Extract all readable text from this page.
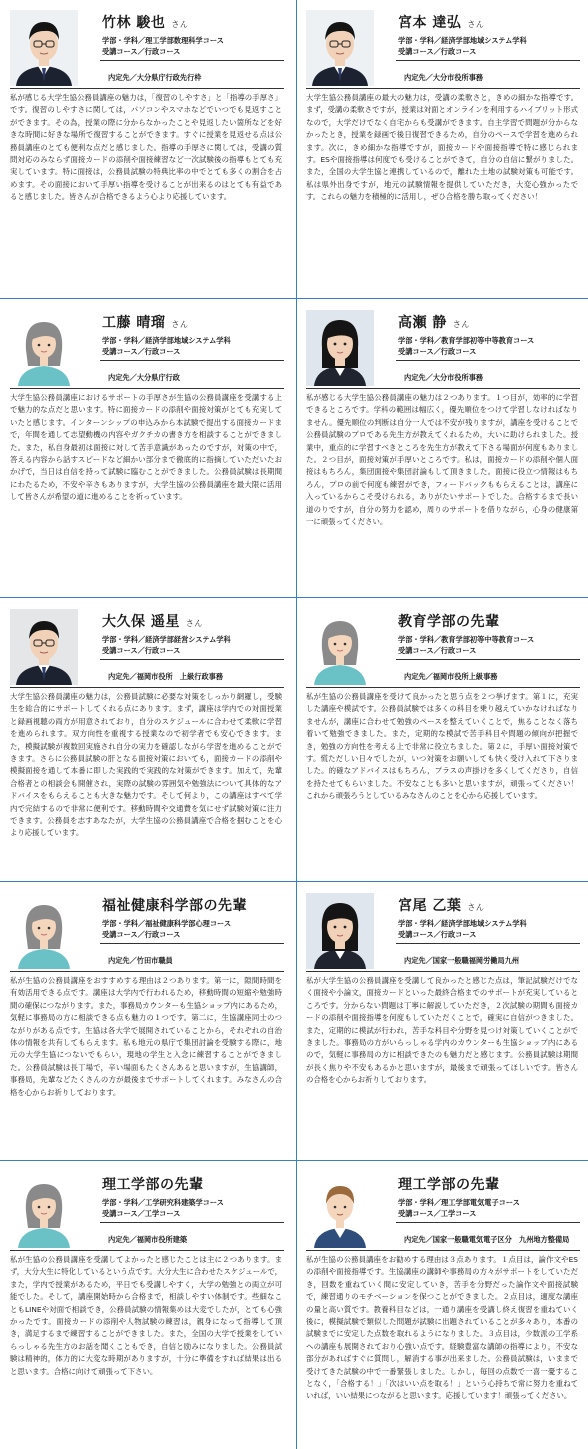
竹林 駿也 さん
学部・学科／理工学部数理科学コース
受講コース／行政コース
内定先／大分県庁行政先行枠
私が感じる大学生協公務員講座の魅力は，「復習のしやすさ」と「指導の手厚さ」です。復習のしやすさに関しては，パソコンやスマホなどでいつでも見返すことができます。その為，授業の際に分からなかったことや見返したい箇所などを好きな時間に好きな場所で復習することができます。すぐに授業を見返せる点は公務員講座のとても便利な点だと感じました。指導の手厚さに関しては，受講の質問対応のみならず面接カードの添削や面接練習など一次試験後の指導もとても充実しています。特に面接は，公務員試験の特典比率の中でとても多くの割合を占めます。その面接において手厚い指導を受けることが出来るのはとても有益であると感じました。皆さんが合格できるよう心より応援しています。
宮本 達弘 さん
学部・学科／経済学部地域システム学科
受講コース／行政コース
内定先／大分市役所事務
大学生協公務員講座の最大の魅力は，受講の柔軟さと，きめの細かな指導です。まず，受講の柔軟さですが，授業は対面とオンラインを利用するハイブリット形式なので，大学だけでなく自宅からも受講ができます。自主学習で問題が分からなかったとき，授業を録画で後日復習できるため，自分のペースで学習を進められます。次に，きめ細かな指導ですが，面接カードや面接指導で特に感じられます。ESや面接指導は何度でも受けることができて，自分の自信に繋がりました。また，全国の大学生協と連携しているので，離れた土地の試験対策も可能です。私は県外出身ですが，地元の試験情報を提供していただき，大変心強かったです。これらの魅力を積極的に活用し，ぜひ合格を勝ち取ってください！
工藤 晴瑠 さん
学部・学科／経済学部地域システム学科
受講コース／行政コース
内定先／大分県庁行政
大学生協公務員講座におけるサポートの手厚さが生協の公務員講座を受講する上で魅力的な点だと思います。特に面接カードの添削や面接対策がとても充実していたと感じます。インターンシップの申込みから本試験で提出する面接カードまで，年間を通して志望動機の内容やガクチカの書き方を相談することができました。また，私自身最初は面接に対して苦手意識があったのですが，対策の中で，答える内容から話すスピードなど細かい部分まで徹底的に指摘していただいたおかげで，当日は自信を持って試験に臨むことができました。公務員試験は長期間にわたるため，不安や辛さもありますが，大学生協の公務員講座を最大限に活用して皆さんが希望の道に進めることを祈っています。
高瀬 静 さん
学部・学科／教育学部初等中等教育コース
受講コース／行政コース
内定先／大分市役所事務
私が感じる大学生協公務員講座の魅力は２つあります。１つ目が，効率的に学習できるところです。学科の範囲は幅広く，優先順位をつけて学習しなければなりません。優先順位の判断は自分一人では不安が残りますが，講座を受けることで公務員試験のプロである先生方が教えてくれるため，大いに助けられました。授業中，重点的に学習すべきところを先生方が教えて下さる場面が何度もありました。２つ目が，面接対策が手厚いところです。私は，面接カードの添削や個人面接はもちろん，集団面接や集団討論もして頂きました。面接に役立つ情報はもちろん，プロの前で何度も練習ができ，フィードバックももらえることは，講座に入っているからこそ受けられる，ありがたいサポートでした。合格するまで長い道のりですが，自分の努力を認め，周りのサポートを借りながら，心身の健康第一に頑張ってください。
大久保 遥星 さん
学部・学科／経済学部経営システム学科
受講コース／行政コース
内定先／福岡市役所　上級行政事務
大学生協公務員講座の魅力は，公務員試験に必要な対策をしっかり網羅し，受験生を総合的にサポートしてくれる点にあります。まず，講座は学内での対面授業と録画視聴の両方が用意されており，自分のスケジュールに合わせて柔軟に学習を進められます。双方向性を重視する授業なので初学者でも安心できます。また，模擬試験が複数回実施され自分の実力を確認しながら学習を進めることができます。さらに公務員試験の肝となる面接対策においても，面接カードの添削や模擬面接を通して本番に即した実践的で実践的な対策ができます。加えて，先輩合格者との相談会も開催され，実際の試験の雰囲気や勉強法について具体的なアドバイスをもらえることも大きな魅力です。そして何より，この講座はすべて学内で完結するので非常に便利です。移動時間や交通費を気にせず試験対策に注力できます。公務員を志すあなたが，大学生協の公務員講座で合格を掴むことを心より応援しています。
教育学部の先輩
学部・学科／教育学部初等中等教育コース
受講コース／行政コース
内定先／福岡市役所上級事務
私が生協の公務員講座を受けて良かったと思う点を２つ挙げます。第１に，充実した講座や模試です。公務員試験では多くの科目を乗り越えていかなければなりませんが，講座に合わせて勉強のペースを整えていくことで，焦ることなく落ち着いて勉強できました。また，定期的な模試で苦手科目や問題の傾向が把握でき，勉強の方向性を考える上で非常に役立ちました。第２に，手厚い面接対策です。慌ただしい日々でしたが，いつ対策をお願いしても快く受け入れて下さりました。的確なアドバイスはもちろん，プラスの声掛けを多くしてくださり，自信を持たせてもらいました。不安なことも多いと思いますが，頑張ってください！これから頑張ろうとしているみなさんのことを心から応援しています。
福祉健康科学部の先輩
学部・学科／福祉健康科学部心理コース
受講コース／行政コース
内定先／竹田市職員
私が生協の公務員講座をおすすめする理由は２つあります。第一に，隙間時間を有効活用できる点です。講座は大学内で行われるため，移動時間の短縮や勉強時間の確保につながります。また，事務局カウンターも生協ショップ内にあるため，気軽に事務局の方に相談できる点も魅力の１つです。第二に，生協講座同士のつながりがある点です。生協は各大学で展開されていることから，それぞれの自治体の情報を共有してもらえます。私も地元の県庁で集団討論を受験する際に，地元の大学生協につないでもらい，現地の学生と入念に練習することができました。公務員試験は長丁場で，辛い場面もたくさんあると思いますが，生協講師，事務局，先輩などたくさんの方が最後までサポートしてくれます。みなさんの合格を心からお祈りしております。
宮尾 乙葉 さん
学部・学科／経済学部地域システム学科
受講コース／行政コース
内定先／国家一般職福岡労働局九州
私が大学生協の公務員講座を受講して良かったと感じた点は，筆記試験だけでなく面接や小論文，面接カードといった最終合格までのサポートが充実しているところです。分からない問題は丁寧に解説していただき，２次試験の期間も面接カードの添削や面接指導を何度もしていただくことで，確実に自信がつきました。また，定期的に模試が行われ，苦手な科目や分野を見つけ対策していくことができました。事務局の方がいらっしゃる学内のカウンターも生協ショップ内にあるので，気軽に事務局の方に相談できたのも魅力だと感じます。公務員試験は期間が長く焦りや不安もあるかと思いますが，最後まで頑張ってほしいです。皆さんの合格を心からお祈りしております。
理工学部の先輩
学部・学科／工学研究科建築学コース
受講コース／工学コース
内定先／福岡市役所建築
私が生協の公務員講座を受講してよかったと感じたことは主に２つあります。まず，大分大生に特化しているという点です。大分大生に合わせたスケジュールで，また，学内で授業があるため，平日でも受講しやすく，大学の勉強との両立が可能でした。そして，講座開始時から合格まで，相談しやすい体制です。些細なこともLINEや対面で相談でき，公務員試験の情報集めは大変でしたが，とても心強かったです。面接カードの添削や人物試験の練習は，親身になって指導して頂き，満足するまで練習することができました。また，全国の大学で授業をしていらっしゃる先生方のお話を聞くこともでき，自信と励みになりました。公務員試験は精神的，体力的に大変な時期がありますが，十分に準備をすれば結果は出ると思います。合格に向けて頑張って下さい。
理工学部の先輩
学部・学科／理工学部電気電子コース
受講コース／工学コース
内定先／国家一般職電気電子区分　九州地方整備局
私が生協の公務員講座をお勧めする理由は３点あります。１点目は，論作文やESの添削や面接指導です。生協講座の講師や事務局の方々がサポートをしていただき，回数を重ねていく間に安定していき，苦手を分野だった論作文や面接試験で，練習通りのモチベーションを保つことができました。２点目は，適度な講座の量と高い質です。教養科目などは，一通り講座を受講し終え復習を重ねていく後に，模擬試験で類似した問題が試験に出題されていることが多々あり，本番の試験までに安定した点数を取れるようになりました。３点目は，少数派の工学系への講座も展開されており心強い点です。経験豊富な講師の指導により，不安な部分があればすぐに質問し，解消する事が出来ました。公務員試験は，いままで受けてきた試験の中で一番緊張しました。しかし，毎回の点数で一喜一憂することなく，「合格する！」「次はいい点を取る！」という心持ちで常に努力を重ねていれば，いい結果につながると思います。応援しています！頑張ってください。
